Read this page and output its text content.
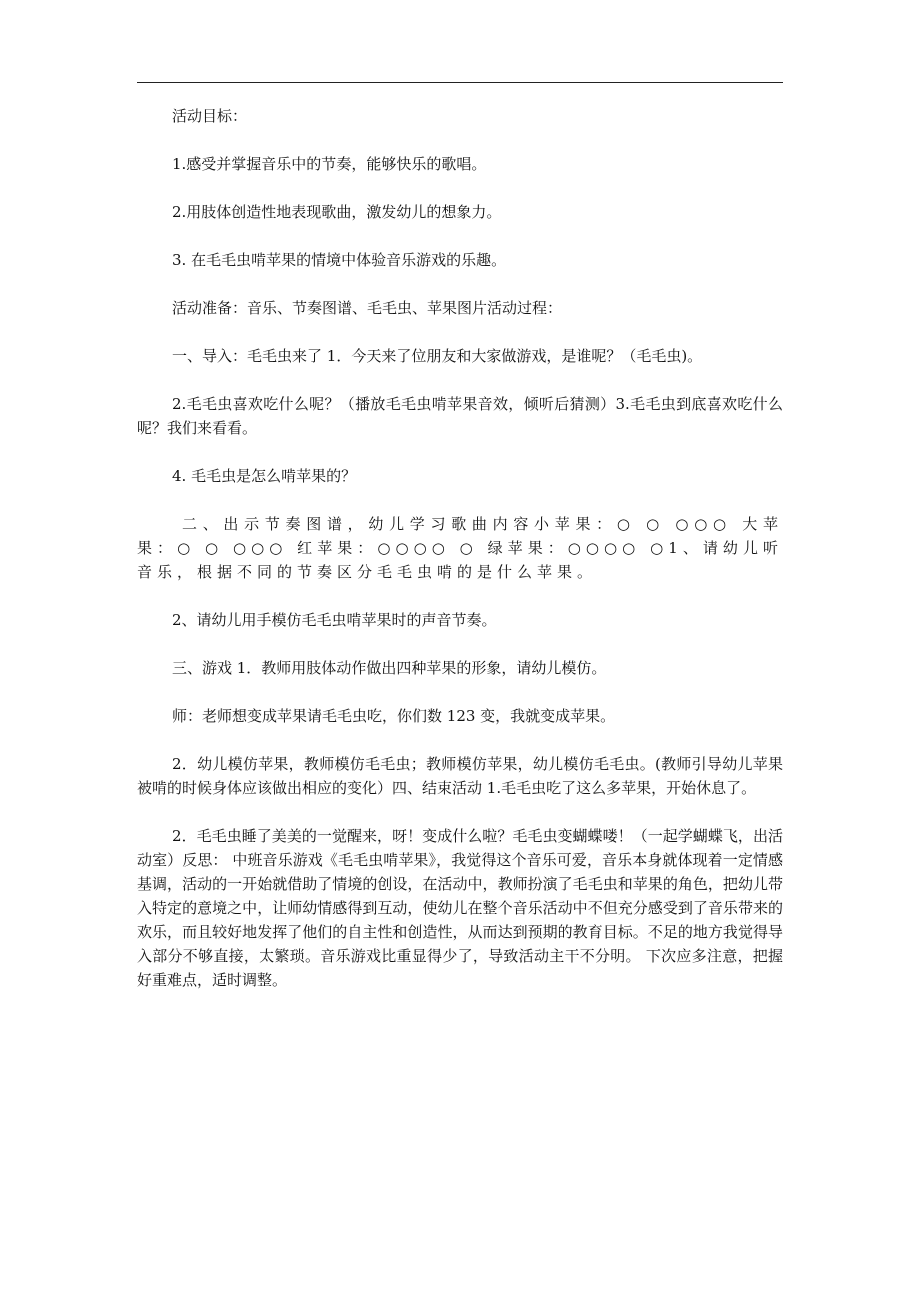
活动目标：

1.感受并掌握音乐中的节奏，能够快乐的歌唱。

2.用肢体创造性地表现歌曲，激发幼儿的想象力。

3. 在毛毛虫啃苹果的情境中体验音乐游戏的乐趣。

活动准备：音乐、节奏图谱、毛毛虫、苹果图片活动过程：

一、导入：毛毛虫来了 1．今天来了位朋友和大家做游戏，是谁呢？（毛毛虫)。

2.毛毛虫喜欢吃什么呢？（播放毛毛虫啃苹果音效，倾听后猜测）3.毛毛虫到底喜欢吃什么呢？我们来看看。

4. 毛毛虫是怎么啃苹果的？

二、出示节奏图谱，幼儿学习歌曲内容小苹果：○ ○ ○○○ 大苹果：○ ○ ○○○ 红苹果：○○○○ ○ 绿苹果：○○○○ ○1、请幼儿听音乐，根据不同的节奏区分毛毛虫啃的是什么苹果。

2、请幼儿用手模仿毛毛虫啃苹果时的声音节奏。

三、游戏 1．教师用肢体动作做出四种苹果的形象，请幼儿模仿。

师：老师想变成苹果请毛毛虫吃，你们数 123 变，我就变成苹果。

2．幼儿模仿苹果，教师模仿毛毛虫；教师模仿苹果，幼儿模仿毛毛虫。(教师引导幼儿苹果被啃的时候身体应该做出相应的变化）四、结束活动 1.毛毛虫吃了这么多苹果，开始休息了。

2．毛毛虫睡了美美的一觉醒来，呀！变成什么啦？毛毛虫变蝴蝶喽！（一起学蝴蝶飞，出活动室）反思： 中班音乐游戏《毛毛虫啃苹果》，我觉得这个音乐可爱，音乐本身就体现着一定情感基调，活动的一开始就借助了情境的创设，在活动中，教师扮演了毛毛虫和苹果的角色，把幼儿带入特定的意境之中，让师幼情感得到互动，使幼儿在整个音乐活动中不但充分感受到了音乐带来的欢乐，而且较好地发挥了他们的自主性和创造性，从而达到预期的教育目标。不足的地方我觉得导入部分不够直接，太繁琐。音乐游戏比重显得少了，导致活动主干不分明。 下次应多注意，把握好重难点，适时调整。
